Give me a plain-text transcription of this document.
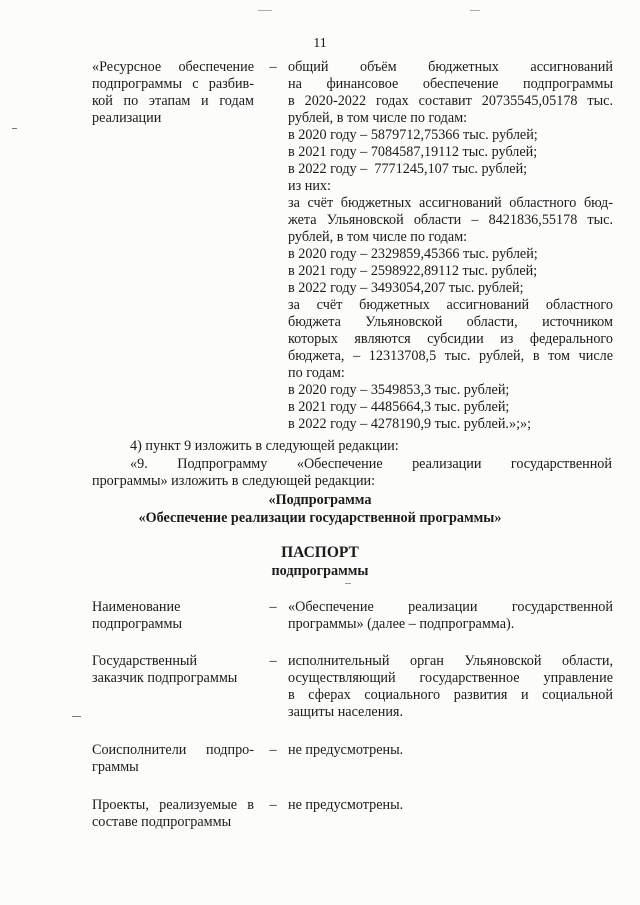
11
«Ресурсное обеспечение
подпрограммы с разбив-
кой по этапам и годам
реализации
– общий объём бюджетных ассигнований
на финансовое обеспечение подпрограммы
в 2020-2022 годах составит 20735545,05178 тыс.
рублей, в том числе по годам:
в 2020 году – 5879712,75366 тыс. рублей;
в 2021 году – 7084587,19112 тыс. рублей;
в 2022 году –  7771245,107 тыс. рублей;
из них:
за счёт бюджетных ассигнований областного бюд-
жета Ульяновской области – 8421836,55178 тыс.
рублей, в том числе по годам:
в 2020 году – 2329859,45366 тыс. рублей;
в 2021 году – 2598922,89112 тыс. рублей;
в 2022 году – 3493054,207 тыс. рублей;
за счёт бюджетных ассигнований областного
бюджета Ульяновской области, источником
которых являются субсидии из федерального
бюджета, – 12313708,5 тыс. рублей, в том числе
по годам:
в 2020 году – 3549853,3 тыс. рублей;
в 2021 году – 4485664,3 тыс. рублей;
в 2022 году – 4278190,9 тыс. рублей.»;»;
4) пункт 9 изложить в следующей редакции:
«9. Подпрограмму «Обеспечение реализации государственной
программы» изложить в следующей редакции:
«Подпрограмма
«Обеспечение реализации государственной программы»
ПАСПОРТ
подпрограммы
Наименование
подпрограммы
– «Обеспечение реализации государственной
программы» (далее – подпрограмма).
Государственный
заказчик подпрограммы
– исполнительный орган Ульяновской области,
осуществляющий государственное управление
в сферах социального развития и социальной
защиты населения.
Соисполнители подпро-
граммы
– не предусмотрены.
Проекты, реализуемые в
составе подпрограммы
– не предусмотрены.
